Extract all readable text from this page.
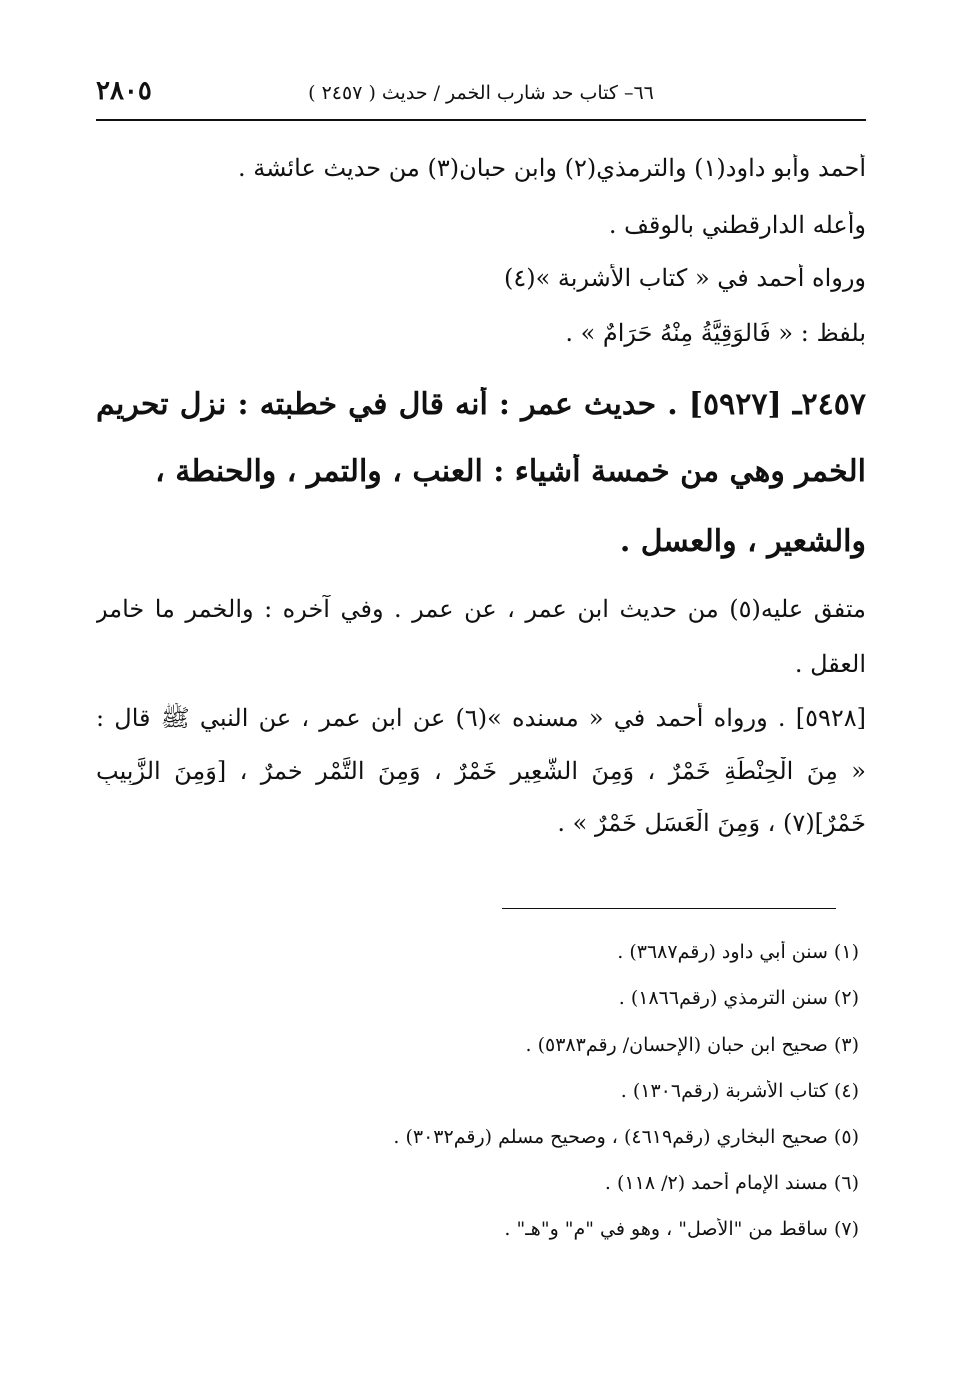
٢٨٠٥	٦٦– كتاب حد شارب الخمر / حديث ( ٢٤٥٧ )
أحمد وأبو داود(١) والترمذي(٢) وابن حبان(٣) من حديث عائشة .
وأعله الدارقطني بالوقف .
ورواه أحمد في « كتاب الأشربة »(٤)
بلفظ : « فَالوَقِيَّةُ مِنْهُ حَرَامٌ » .
٢٤٥٧ـ [٥٩٢٧] . حديث عمر : أنه قال في خطبته : نزل تحريم
الخمر وهي من خمسة أشياء : العنب ، والتمر ، والحنطة ،
والشعير ، والعسل .
متفق عليه(٥) من حديث ابن عمر ، عن عمر . وفي آخره : والخمر ما خامر
العقل .
[٥٩٢٨] . ورواه أحمد في « مسنده »(٦) عن ابن عمر ، عن النبي ﷺ قال :
« مِنَ الْحِنْطَةِ خَمْرٌ ، وَمِنَ الشَّعِيرِ خَمْرٌ ، وَمِنَ التَّمْرِ خمرٌ ، [وَمِنَ الزَّبِيبِ
خَمْرٌ](٧) ، وَمِنَ الْعَسَلِ خَمْرٌ » .
(١) سنن أبي داود (رقم٣٦٨٧) .
(٢) سنن الترمذي (رقم١٨٦٦) .
(٣) صحيح ابن حبان (الإحسان/ رقم٥٣٨٣) .
(٤) كتاب الأشربة (رقم١٣٠٦) .
(٥) صحيح البخاري (رقم٤٦١٩) ، وصحيح مسلم (رقم٣٠٣٢) .
(٦) مسند الإمام أحمد (٢/ ١١٨) .
(٧) ساقط من "الأصل" ، وهو في "م" و"هـ" .
